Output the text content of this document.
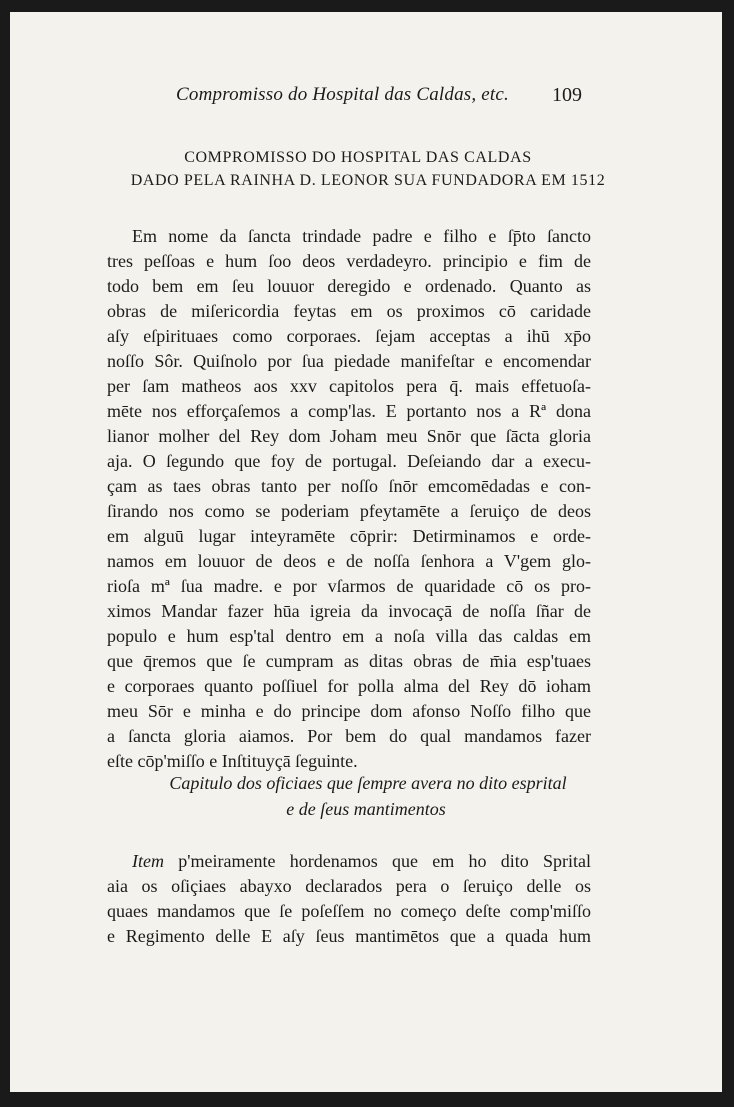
Compromisso do Hospital das Caldas, etc. 109
COMPROMISSO DO HOSPITAL DAS CALDAS
DADO PELA RAINHA D. LEONOR SUA FUNDADORA EM 1512
Em nome da ſancta trindade padre e filho e ſp̄to ſancto
tres peſſoas e hum ſoo deos verdadeyro. principio e fim de
todo bem em ſeu louuor deregido e ordenado. Quanto as
obras de miſericordia feytas em os proximos cō caridade
aſy eſpirituaes como corporaes. ſejam acceptas a ihū xp̄o
noſſo Sôr. Quiſnolo por ſua piedade manifeſtar e encomendar
per ſam matheos aos xxv capitolos pera q̄. mais effetuoſa-
mēte nos efforçaſemos a comp'las. E portanto nos a Rª dona
lianor molher del Rey dom Joham meu Snōr que ſācta gloria
aja. O ſegundo que foy de portugal. Deſeiando dar a execu-
çam as taes obras tanto per noſſo ſnōr emcomēdadas e con-
ſirando nos como se poderiam pfeytamēte a ſeruiço de deos
em alguū lugar inteyramēte cōprir: Detirminamos e orde-
namos em louuor de deos e de noſſa ſenhora a V'gem glo-
rioſa mª ſua madre. e por vſarmos de quaridade cō os pro-
ximos Mandar fazer hūa igreia da invocaçā de noſſa ſñar de
populo e hum esp'tal dentro em a noſa villa das caldas em
que q̄remos que ſe cumpram as ditas obras de m̄ia esp'tuaes
e corporaes quanto poſſiuel for polla alma del Rey dō ioham
meu Sōr e minha e do principe dom afonso Noſſo filho que
a ſancta gloria aiamos. Por bem do qual mandamos fazer
eſte cōp'miſſo e Inſtituyçā ſeguinte.
Capitulo dos oficiaes que ſempre avera no dito esprital
e de ſeus mantimentos
Item p'meiramente hordenamos que em ho dito Sprital
aia os oſiçiaes abayxo declarados pera o ſeruiço delle os
quaes mandamos que ſe poſeſſem no começo deſte comp'miſſo
e Regimento delle E aſy ſeus mantimētos que a quada hum
